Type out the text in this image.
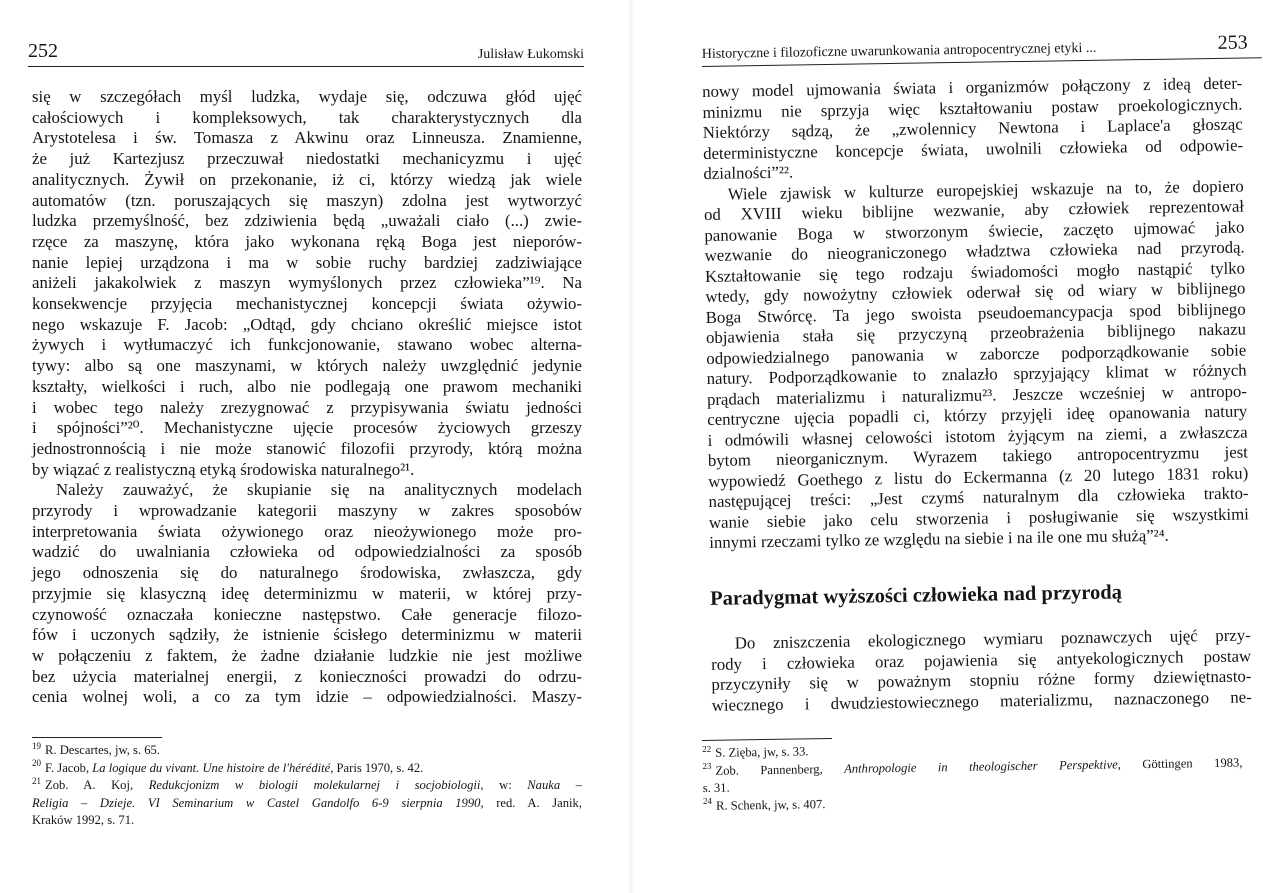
252	Julisław Łukomski
się w szczegółach myśl ludzka, wydaje się, odczuwa głód ujęć
całościowych i kompleksowych, tak charakterystycznych dla
Arystotelesa i św. Tomasza z Akwinu oraz Linneusza. Znamienne,
że już Kartezjusz przeczuwał niedostatki mechanicyzmu i ujęć
analitycznych. Żywił on przekonanie, iż ci, którzy wiedzą jak wiele
automatów (tzn. poruszających się maszyn) zdolna jest wytworzyć
ludzka przemyślność, bez zdziwienia będą „uważali ciało (...) zwie-
rzęce za maszynę, która jako wykonana ręką Boga jest nieporów-
nanie lepiej urządzona i ma w sobie ruchy bardziej zadziwiające
aniżeli jakakolwiek z maszyn wymyślonych przez człowieka”¹⁹. Na
konsekwencje przyjęcia mechanistycznej koncepcji świata ożywio-
nego wskazuje F. Jacob: „Odtąd, gdy chciano określić miejsce istot
żywych i wytłumaczyć ich funkcjonowanie, stawano wobec alterna-
tywy: albo są one maszynami, w których należy uwzględnić jedynie
kształty, wielkości i ruch, albo nie podlegają one prawom mechaniki
i wobec tego należy zrezygnować z przypisywania światu jedności
i spójności”²⁰. Mechanistyczne ujęcie procesów życiowych grzeszy
jednostronnością i nie może stanowić filozofii przyrody, którą można
by wiązać z realistyczną etyką środowiska naturalnego²¹.
Należy zauważyć, że skupianie się na analitycznych modelach
przyrody i wprowadzanie kategorii maszyny w zakres sposobów
interpretowania świata ożywionego oraz nieożywionego może pro-
wadzić do uwalniania człowieka od odpowiedzialności za sposób
jego odnoszenia się do naturalnego środowiska, zwłaszcza, gdy
przyjmie się klasyczną ideę determinizmu w materii, w której przy-
czynowość oznaczała konieczne następstwo. Całe generacje filozo-
fów i uczonych sądziły, że istnienie ścisłego determinizmu w materii
w połączeniu z faktem, że żadne działanie ludzkie nie jest możliwe
bez użycia materialnej energii, z konieczności prowadzi do odrzu-
cenia wolnej woli, a co za tym idzie – odpowiedzialności. Maszy-
$^{19}$ R. Descartes, jw, s. 65.
$^{20}$ F. Jacob, La logique du vivant. Une histoire de l'hérédité, Paris 1970, s. 42.
$^{21}$ Zob. A. Koj, Redukcjonizm w biologii molekularnej i socjobiologii, w: Nauka –
Religia – Dzieje. VI Seminarium w Castel Gandolfo 6-9 sierpnia 1990, red. A. Janik,
Kraków 1992, s. 71.
Historyczne i filozoficzne uwarunkowania antropocentrycznej etyki ...	253
nowy model ujmowania świata i organizmów połączony z ideą deter-
minizmu nie sprzyja więc kształtowaniu postaw proekologicznych.
Niektórzy sądzą, że „zwolennicy Newtona i Laplace'a głosząc
deterministyczne koncepcje świata, uwolnili człowieka od odpowie-
dzialności”²².
Wiele zjawisk w kulturze europejskiej wskazuje na to, że dopiero
od XVIII wieku biblijne wezwanie, aby człowiek reprezentował
panowanie Boga w stworzonym świecie, zaczęto ujmować jako
wezwanie do nieograniczonego władztwa człowieka nad przyrodą.
Kształtowanie się tego rodzaju świadomości mogło nastąpić tylko
wtedy, gdy nowożytny człowiek oderwał się od wiary w biblijnego
Boga Stwórcę. Ta jego swoista pseudoemancypacja spod biblijnego
objawienia stała się przyczyną przeobrażenia biblijnego nakazu
odpowiedzialnego panowania w zaborcze podporządkowanie sobie
natury. Podporządkowanie to znalazło sprzyjający klimat w różnych
prądach materializmu i naturalizmu²³. Jeszcze wcześniej w antropo-
centryczne ujęcia popadli ci, którzy przyjęli ideę opanowania natury
i odmówili własnej celowości istotom żyjącym na ziemi, a zwłaszcza
bytom nieorganicznym. Wyrazem takiego antropocentryzmu jest
wypowiedź Goethego z listu do Eckermanna (z 20 lutego 1831 roku)
następującej treści: „Jest czymś naturalnym dla człowieka trakto-
wanie siebie jako celu stworzenia i posługiwanie się wszystkimi
innymi rzeczami tylko ze względu na siebie i na ile one mu służą”²⁴.
Paradygmat wyższości człowieka nad przyrodą
Do zniszczenia ekologicznego wymiaru poznawczych ujęć przy-
rody i człowieka oraz pojawienia się antyekologicznych postaw
przyczyniły się w poważnym stopniu różne formy dziewiętnasto-
wiecznego i dwudziestowiecznego materializmu, naznaczonego ne-
$^{22}$ S. Zięba, jw, s. 33.
$^{23}$ Zob. Pannenberg, Anthropologie in theologischer Perspektive, Göttingen 1983,
s. 31.
$^{24}$ R. Schenk, jw, s. 407.
